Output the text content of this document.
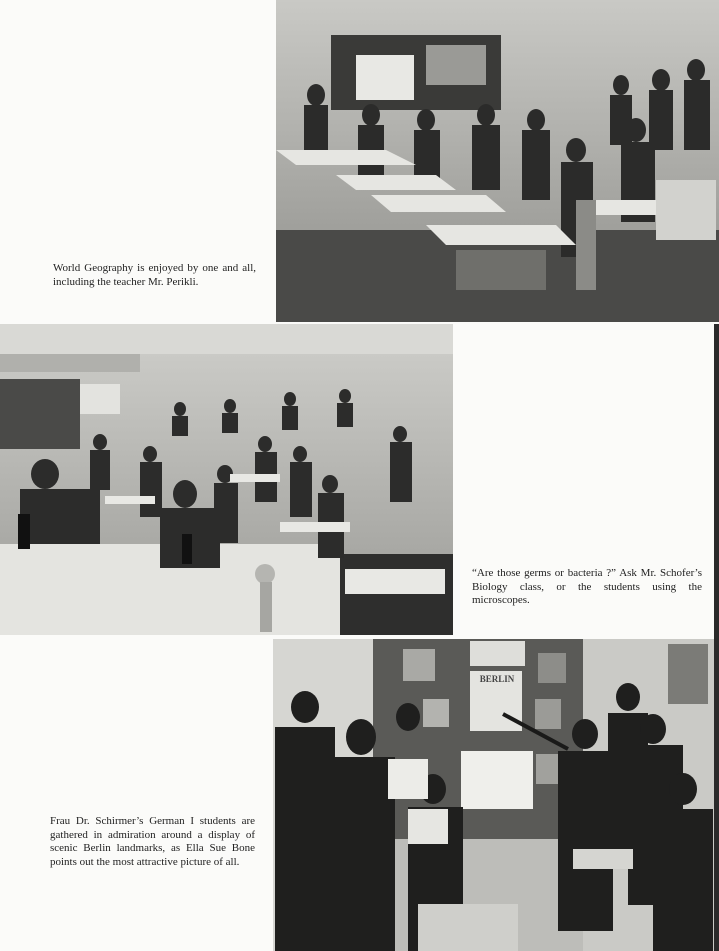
World Geography is enjoyed by one and all, including the teacher Mr. Perikli.
“Are those germs or bacteria ?” Ask Mr. Schofer’s Biology class, or the students using the microscopes.
BERLIN
Frau Dr. Schirmer’s German I students are gathered in admiration around a display of scenic Berlin landmarks, as Ella Sue Bone points out the most attractive picture of all.
